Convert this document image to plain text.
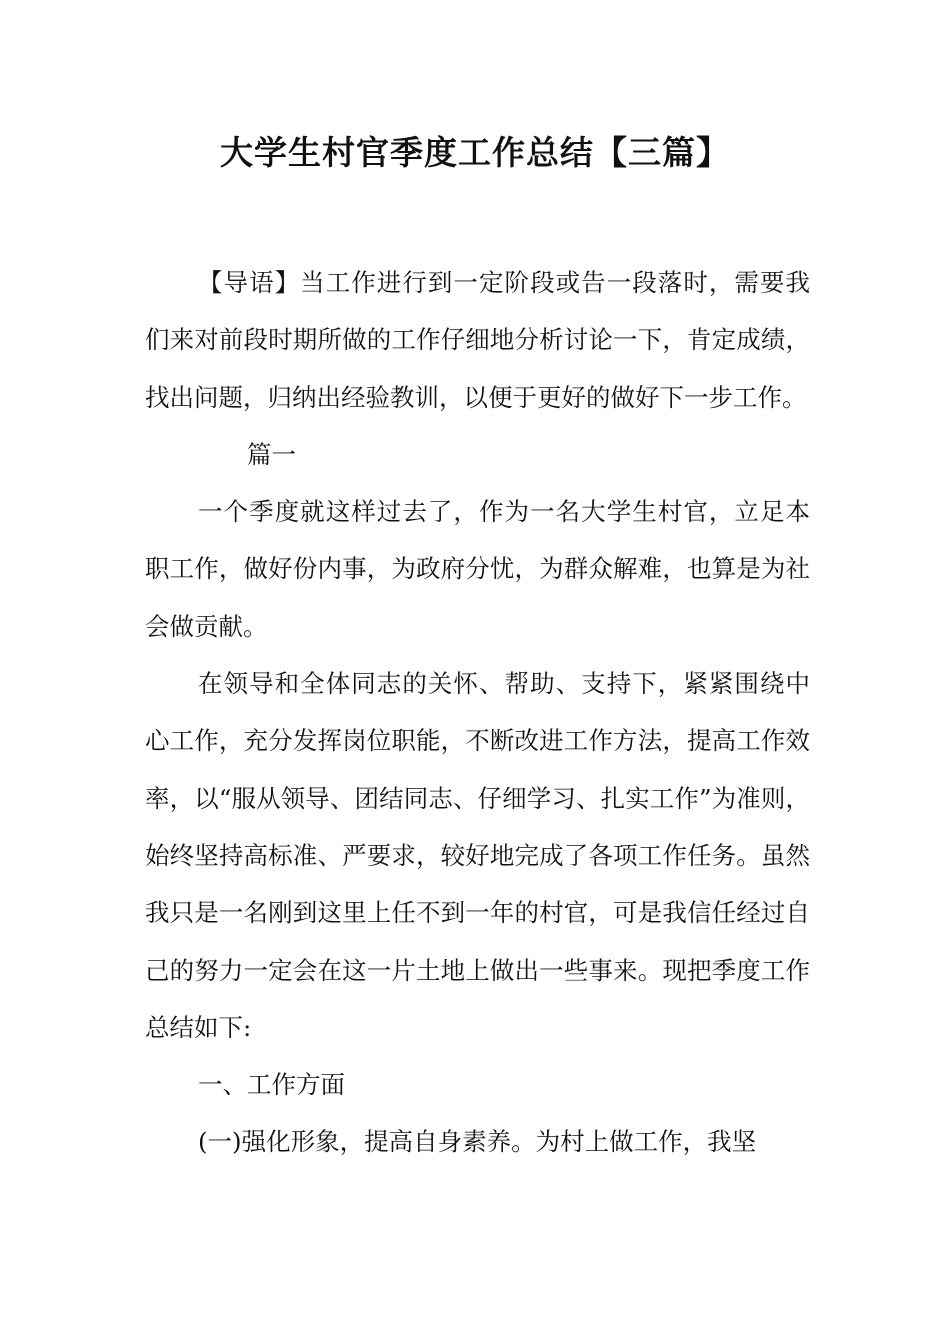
大学生村官季度工作总结【三篇】

【导语】当工作进行到一定阶段或告一段落时，需要我们来对前段时期所做的工作仔细地分析讨论一下，肯定成绩，找出问题，归纳出经验教训，以便于更好的做好下一步工作。

篇一

一个季度就这样过去了，作为一名大学生村官，立足本职工作，做好份内事，为政府分忧，为群众解难，也算是为社会做贡献。

在领导和全体同志的关怀、帮助、支持下，紧紧围绕中心工作，充分发挥岗位职能，不断改进工作方法，提高工作效率，以“服从领导、团结同志、仔细学习、扎实工作”为准则，始终坚持高标准、严要求，较好地完成了各项工作任务。虽然我只是一名刚到这里上任不到一年的村官，可是我信任经过自己的努力一定会在这一片土地上做出一些事来。现把季度工作总结如下:

一、工作方面

(一)强化形象，提高自身素养。为村上做工作，我坚
